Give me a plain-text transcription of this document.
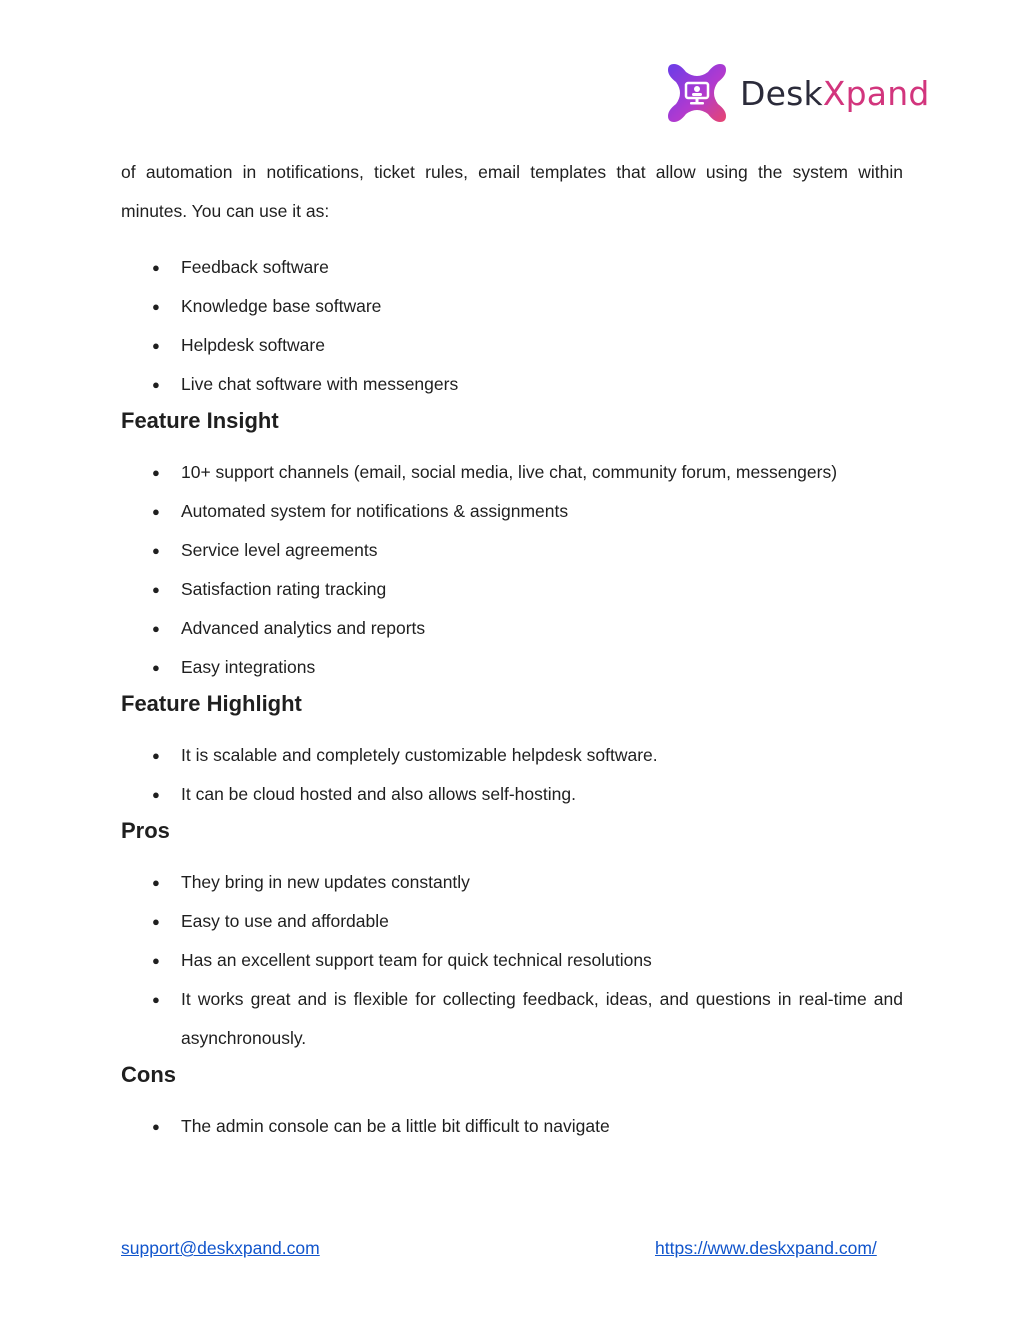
DeskXpand

of automation in notifications, ticket rules, email templates that allow using the system within minutes. You can use it as:

● Feedback software
● Knowledge base software
● Helpdesk software
● Live chat software with messengers
Feature Insight
● 10+ support channels (email, social media, live chat, community forum, messengers)
● Automated system for notifications & assignments
● Service level agreements
● Satisfaction rating tracking
● Advanced analytics and reports
● Easy integrations
Feature Highlight
● It is scalable and completely customizable helpdesk software.
● It can be cloud hosted and also allows self-hosting.
Pros
● They bring in new updates constantly
● Easy to use and affordable
● Has an excellent support team for quick technical resolutions
● It works great and is flexible for collecting feedback, ideas, and questions in real-time and asynchronously.
Cons
● The admin console can be a little bit difficult to navigate
support@deskxpand.com	https://www.deskxpand.com/
